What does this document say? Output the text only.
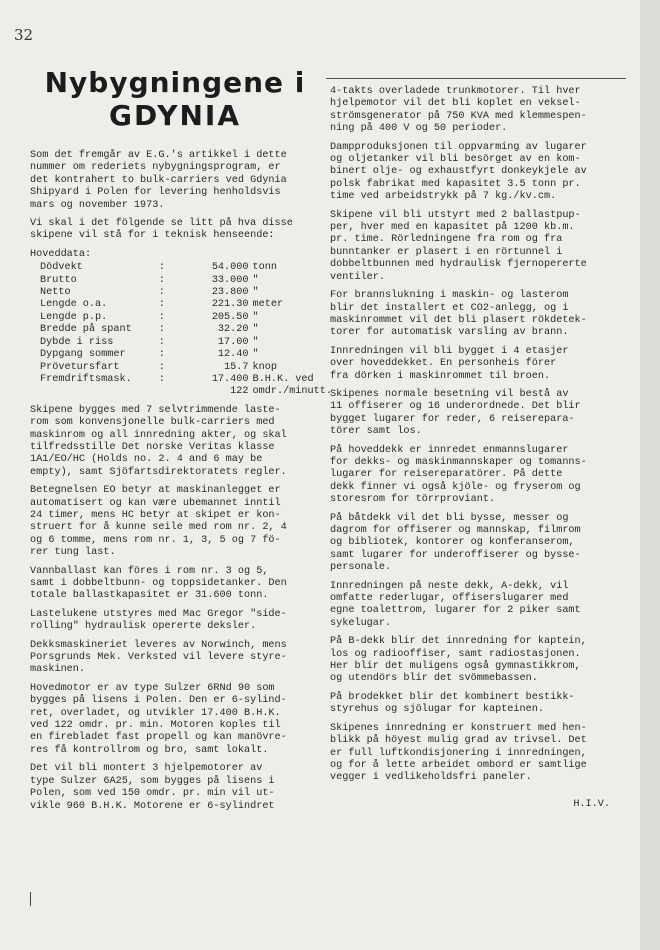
32
Nybygningene i
GDYNIA

Som det fremgår av E.G.'s artikkel i dette
nummer om rederiets nybygningsprogram, er
det kontrahert to bulk-carriers ved Gdynia
Shipyard i Polen for levering henholdsvis
mars og november 1973.

Vi skal i det fölgende se litt på hva disse
skipene vil stå for i teknisk henseende:

Hoveddata:

Dödvekt	:	54.000	tonn
Brutto	:	33.000	"
Netto	:	23.800	"
Lengde o.a.	:	221.30	meter
Lengde p.p.	:	205.50	"
Bredde på spant	:	32.20	"
Dybde i riss	:	17.00	"
Dypgang sommer	:	12.40	"
Prövetursfart	:	15.7	knop
Fremdriftsmask.	:	17.400	B.H.K. ved
		122	omdr./minutt.

Skipene bygges med 7 selvtrimmende laste-
rom som konvensjonelle bulk-carriers med
maskinrom og all innredning akter, og skal
tilfredsstille Det norske Veritas klasse
1A1/EO/HC (Holds no. 2. 4 and 6 may be
empty), samt Sjöfartsdirektoratets regler.

Betegnelsen EO betyr at maskinanlegget er
automatisert og kan være ubemannet inntil
24 timer, mens HC betyr at skipet er kon-
struert for å kunne seile med rom nr. 2, 4
og 6 tomme, mens rom nr. 1, 3, 5 og 7 fö-
rer tung last.

Vannballast kan föres i rom nr. 3 og 5,
samt i dobbeltbunn- og toppsidetanker. Den
totale ballastkapasitet er 31.600 tonn.

Lastelukene utstyres med Mac Gregor "side-
rolling" hydraulisk opererte deksler.

Dekksmaskineriet leveres av Norwinch, mens
Porsgrunds Mek. Verksted vil levere styre-
maskinen.

Hovedmotor er av type Sulzer 6RNd 90 som
bygges på lisens i Polen. Den er 6-sylind-
ret, overladet, og utvikler 17.400 B.H.K.
ved 122 omdr. pr. min. Motoren koples til
en firebladet fast propell og kan manövre-
res få kontrollrom og bro, samt lokalt.

Det vil bli montert 3 hjelpemotorer av
type Sulzer 6A25, som bygges på lisens i
Polen, som ved 150 omdr. pr. min vil ut-
vikle 960 B.H.K. Motorene er 6-sylindret

4-takts overladede trunkmotorer. Til hver
hjelpemotor vil det bli koplet en veksel-
strömsgenerator på 750 KVA med klemmespen-
ning på 400 V og 50 perioder.

Dampproduksjonen til oppvarming av lugarer
og oljetanker vil bli besörget av en kom-
binert olje- og exhaustfyrt donkeykjele av
polsk fabrikat med kapasitet 3.5 tonn pr.
time ved arbeidstrykk på 7 kg./kv.cm.

Skipene vil bli utstyrt med 2 ballastpup-
per, hver med en kapasitet på 1200 kb.m.
pr. time. Rörledningene fra rom og fra
bunntanker er plasert i en rörtunnel i
dobbeltbunnen med hydraulisk fjernopererte
ventiler.

For brannslukning i maskin- og lasterom
blir det installert et CO2-anlegg, og i
maskinrommet vil det bli plasert rökdetek-
torer for automatisk varsling av brann.

Innredningen vil bli bygget i 4 etasjer
over hoveddekket. En personheis förer
fra dörken i maskinrommet til broen.

Skipenes normale besetning vil bestå av
11 offiserer og 16 underordnede. Det blir
bygget lugarer for reder, 6 reiserepara-
törer samt los.

På hoveddekk er innredet enmannslugarer
for dekks- og maskinmannskaper og tomanns-
lugarer for reisereparatörer. På dette
dekk finner vi også kjöle- og fryserom og
storesrom for törrproviant.

På båtdekk vil det bli bysse, messer og
dagrom for offiserer og mannskap, filmrom
og bibliotek, kontorer og konferanserom,
samt lugarer for underoffiserer og bysse-
personale.

Innredningen på neste dekk, A-dekk, vil
omfatte rederlugar, offiserslugarer med
egne toalettrom, lugarer for 2 piker samt
sykelugar.

På B-dekk blir det innredning for kaptein,
los og radiooffiser, samt radiostasjonen.
Her blir det muligens også gymnastikkrom,
og utendörs blir det svömmebassen.

På brodekket blir det kombinert bestikk-
styrehus og sjölugar for kapteinen.

Skipenes innredning er konstruert med hen-
blikk på höyest mulig grad av trivsel. Det
er full luftkondisjonering i innredningen,
og for å lette arbeidet ombord er samtlige
vegger i vedlikeholdsfri paneler.

H.I.V.
